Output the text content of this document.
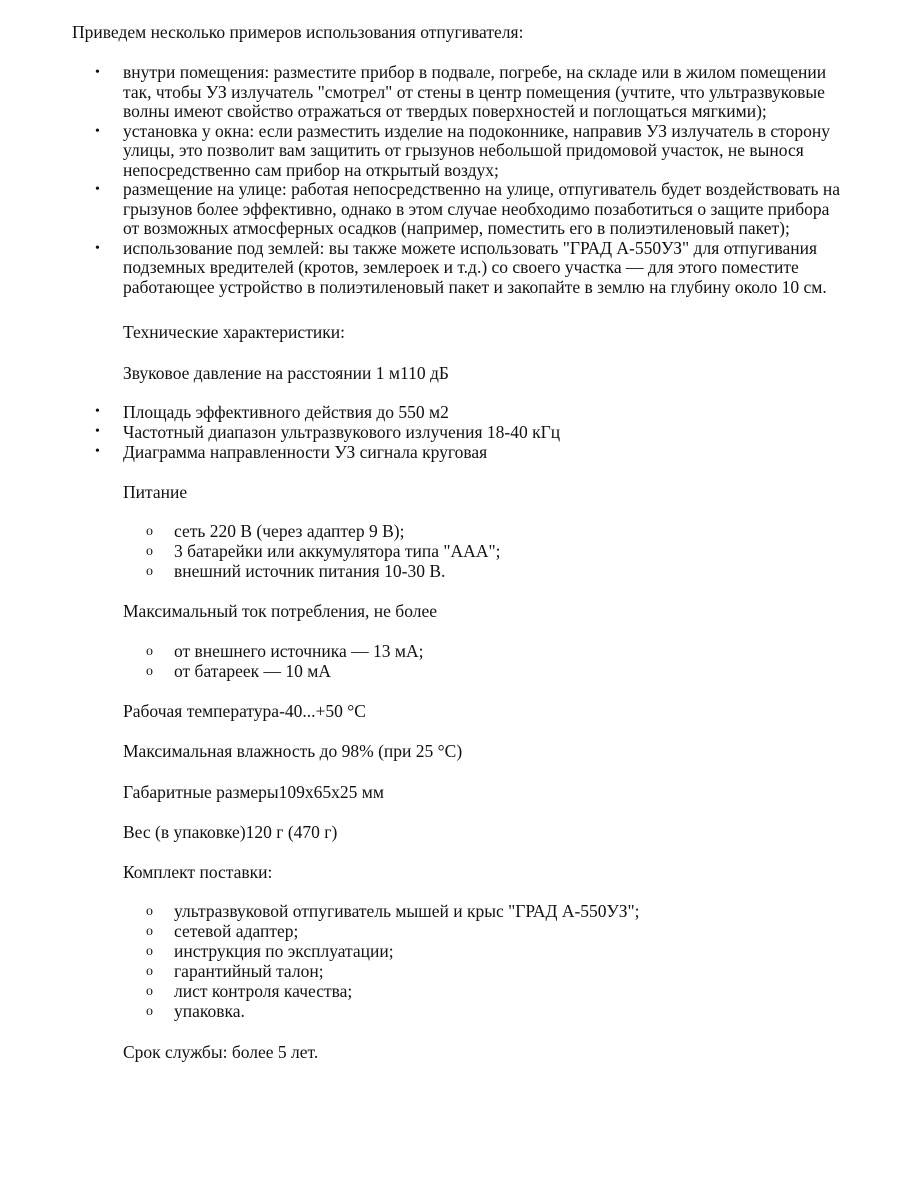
Приведем несколько примеров использования отпугивателя:

• внутри помещения: разместите прибор в подвале, погребе, на складе или в жилом помещении так, чтобы УЗ излучатель "смотрел" от стены в центр помещения (учтите, что ультразвуковые волны имеют свойство отражаться от твердых поверхностей и поглощаться мягкими);
• установка у окна: если разместить изделие на подоконнике, направив УЗ излучатель в сторону улицы, это позволит вам защитить от грызунов небольшой придомовой участок, не вынося непосредственно сам прибор на открытый воздух;
• размещение на улице: работая непосредственно на улице, отпугиватель будет воздействовать на грызунов более эффективно, однако в этом случае необходимо позаботиться о защите прибора от возможных атмосферных осадков (например, поместить его в полиэтиленовый пакет);
• использование под землей: вы также можете использовать "ГРАД А-550УЗ" для отпугивания подземных вредителей (кротов, землероек и т.д.) со своего участка — для этого поместите работающее устройство в полиэтиленовый пакет и закопайте в землю на глубину около 10 см.

Технические характеристики:

Звуковое давление на расстоянии 1 м110 дБ

• Площадь эффективного действия до 550 м2
• Частотный диапазон ультразвукового излучения 18-40 кГц
• Диаграмма направленности УЗ сигнала круговая

Питание

o сеть 220 В (через адаптер 9 В);
o 3 батарейки или аккумулятора типа "ААА";
o внешний источник питания 10-30 В.

Максимальный ток потребления, не более

o от внешнего источника — 13 мА;
o от батареек — 10 мА

Рабочая температура-40...+50 °С

Максимальная влажность до 98% (при 25 °С)

Габаритные размеры109х65х25 мм

Вес (в упаковке)120 г (470 г)

Комплект поставки:

o ультразвуковой отпугиватель мышей и крыс "ГРАД А-550УЗ";
o сетевой адаптер;
o инструкция по эксплуатации;
o гарантийный талон;
o лист контроля качества;
o упаковка.

Срок службы: более 5 лет.
